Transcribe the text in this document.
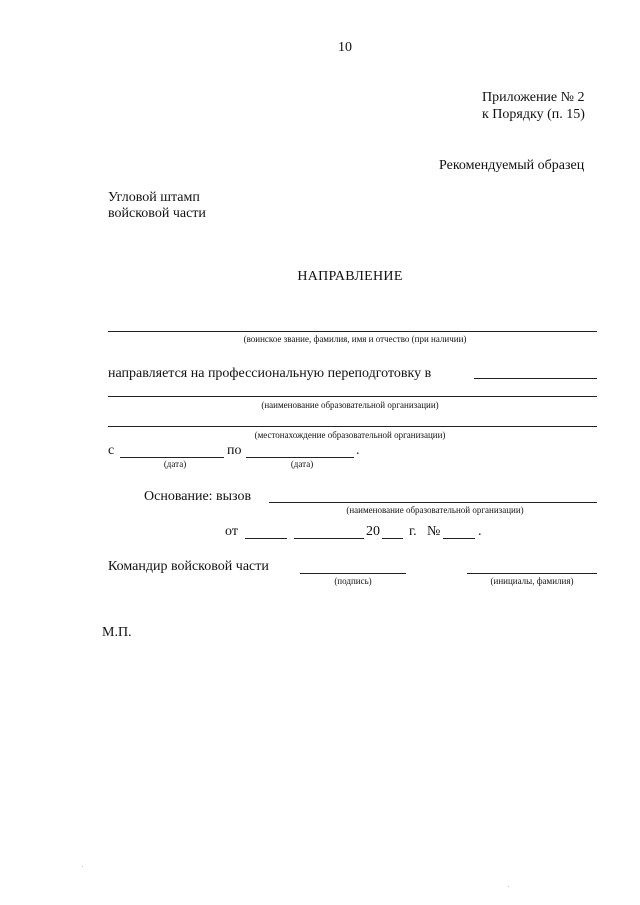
10
Приложение № 2
к Порядку (п. 15)
Рекомендуемый образец
Угловой штамп
войсковой части
НАПРАВЛЕНИЕ
(воинское звание, фамилия, имя и отчество (при наличии)
направляется на профессиональную переподготовку в
(наименование образовательной организации)
(местонахождение образовательной организации)
с	по	.
(дата)	(дата)
Основание: вызов
(наименование образовательной организации)
от	20 г. №	.
Командир войсковой части
(подпись)	(инициалы, фамилия)
М.П.
